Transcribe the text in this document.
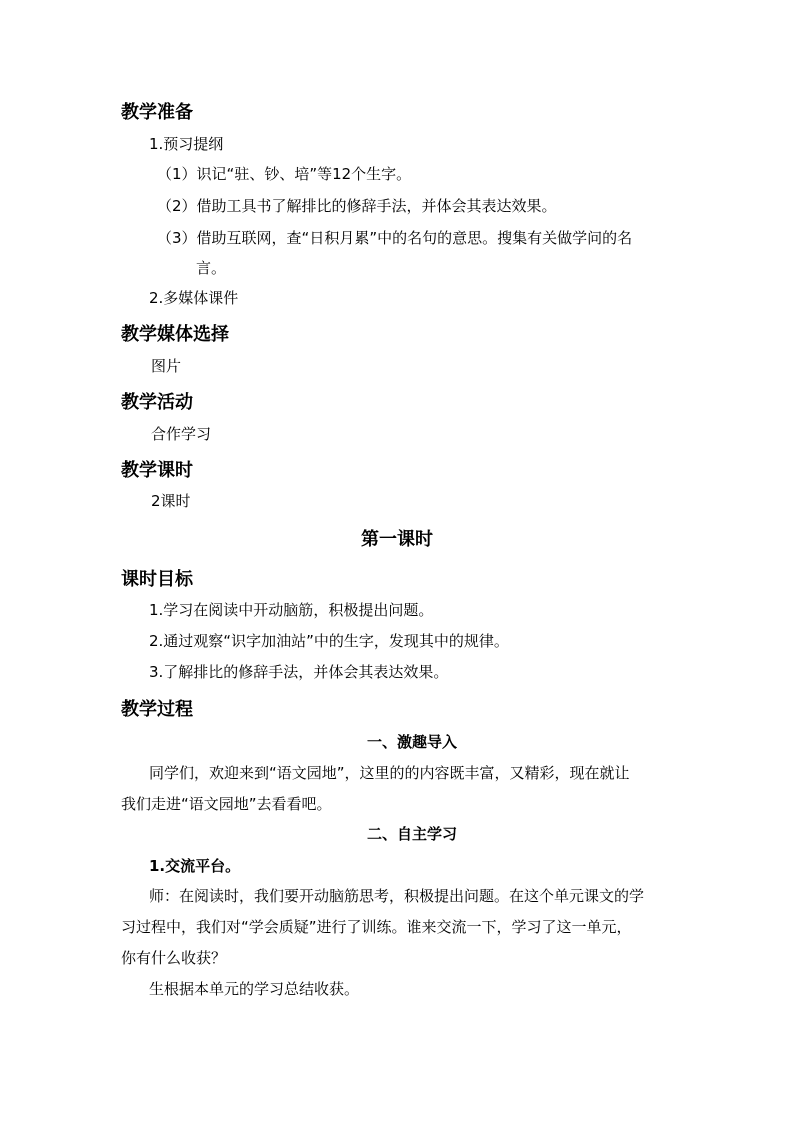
教学准备
1.预习提纲
（1）识记“驻、钞、培”等12个生字。
（2）借助工具书了解排比的修辞手法，并体会其表达效果。
（3）借助互联网，查“日积月累”中的名句的意思。搜集有关做学问的名
言。
2.多媒体课件
教学媒体选择
图片
教学活动
合作学习
教学课时
2课时
第一课时
课时目标
1.学习在阅读中开动脑筋，积极提出问题。
2.通过观察“识字加油站”中的生字，发现其中的规律。
3.了解排比的修辞手法，并体会其表达效果。
教学过程
一、激趣导入
同学们，欢迎来到“语文园地”，这里的的内容既丰富，又精彩，现在就让
我们走进“语文园地”去看看吧。
二、自主学习
1.交流平台。
师：在阅读时，我们要开动脑筋思考，积极提出问题。在这个单元课文的学
习过程中，我们对“学会质疑”进行了训练。谁来交流一下，学习了这一单元，
你有什么收获？
生根据本单元的学习总结收获。
